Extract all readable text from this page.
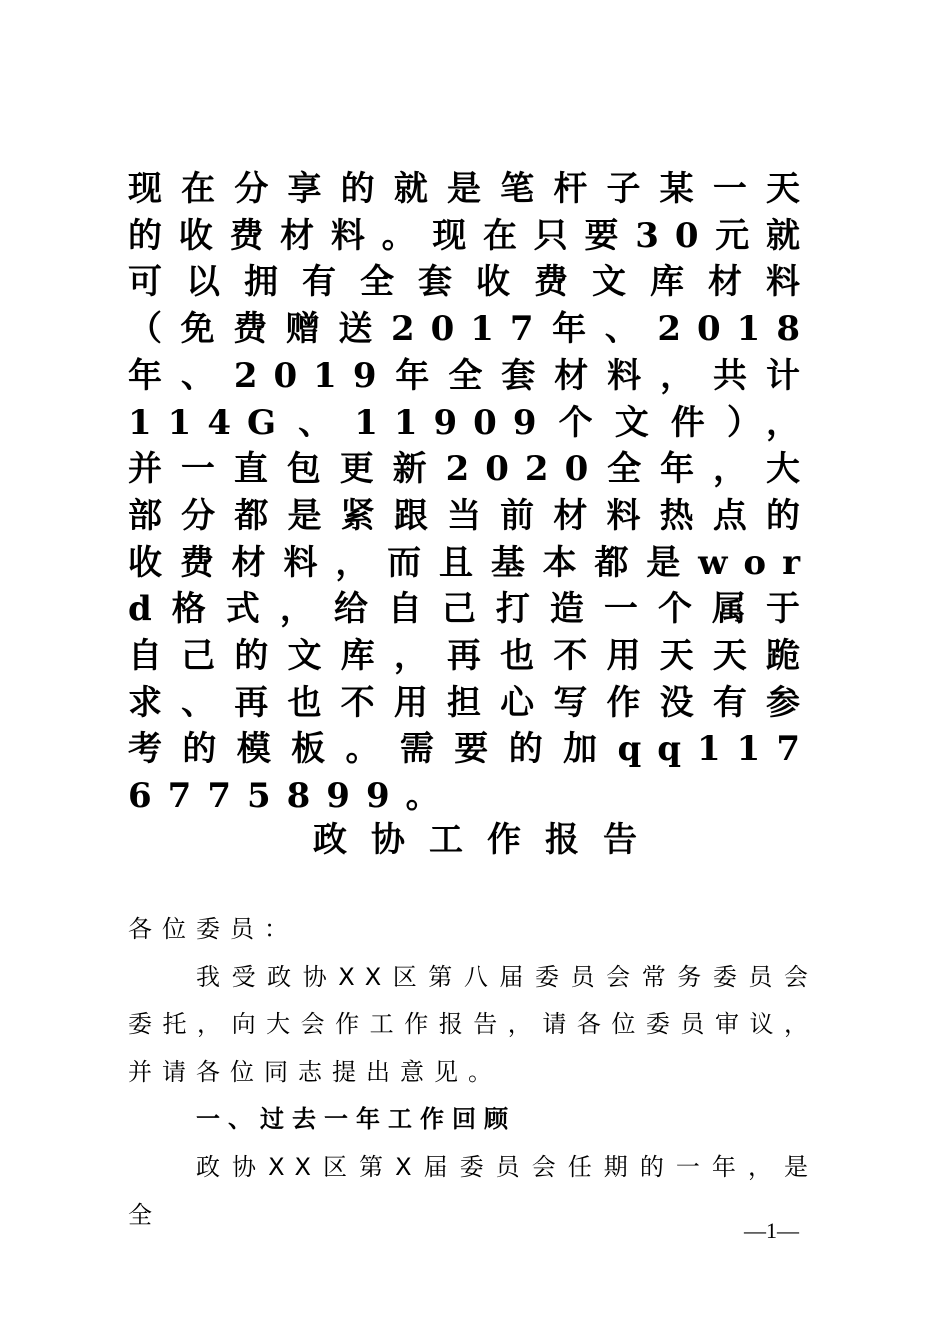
现在分享的就是笔杆子某一天的收费材料。现在只要30元就可以拥有全套收费文库材料（免费赠送2017年、2018年、2019年全套材料，共计114G、11909个文件），并一直包更新2020全年，大部分都是紧跟当前材料热点的收费材料，而且基本都是word格式，给自己打造一个属于自己的文库，再也不用天天跪求、再也不用担心写作没有参考的模板。需要的加qq1176775899。

政协工作报告

各位委员：

我受政协XX区第八届委员会常务委员会委托，向大会作工作报告，请各位委员审议，并请各位同志提出意见。

一、过去一年工作回顾

政协XX区第X届委员会任期的一年，是全

—1—
